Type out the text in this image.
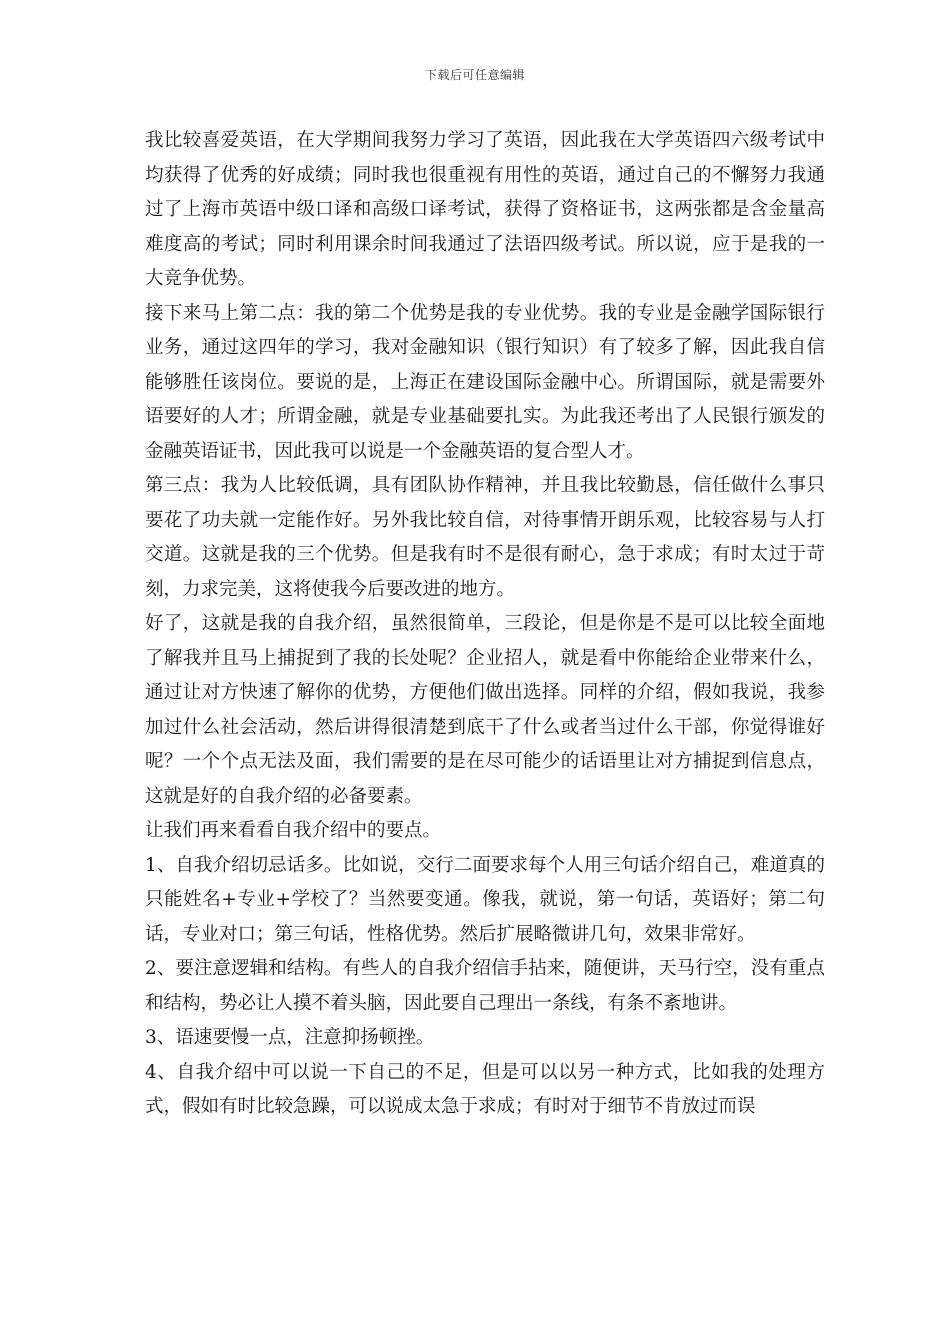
下载后可任意编辑

我比较喜爱英语，在大学期间我努力学习了英语，因此我在大学英语四六级考试中均获得了优秀的好成绩；同时我也很重视有用性的英语，通过自己的不懈努力我通过了上海市英语中级口译和高级口译考试，获得了资格证书，这两张都是含金量高难度高的考试；同时利用课余时间我通过了法语四级考试。所以说，应于是我的一大竞争优势。

接下来马上第二点：我的第二个优势是我的专业优势。我的专业是金融学国际银行业务，通过这四年的学习，我对金融知识（银行知识）有了较多了解，因此我自信能够胜任该岗位。要说的是，上海正在建设国际金融中心。所谓国际，就是需要外语要好的人才；所谓金融，就是专业基础要扎实。为此我还考出了人民银行颁发的金融英语证书，因此我可以说是一个金融英语的复合型人才。

第三点：我为人比较低调，具有团队协作精神，并且我比较勤恳，信任做什么事只要花了功夫就一定能作好。另外我比较自信，对待事情开朗乐观，比较容易与人打交道。这就是我的三个优势。但是我有时不是很有耐心，急于求成；有时太过于苛刻，力求完美，这将使我今后要改进的地方。

好了，这就是我的自我介绍，虽然很简单，三段论，但是你是不是可以比较全面地了解我并且马上捕捉到了我的长处呢？企业招人，就是看中你能给企业带来什么，通过让对方快速了解你的优势，方便他们做出选择。同样的介绍，假如我说，我参加过什么社会活动，然后讲得很清楚到底干了什么或者当过什么干部，你觉得谁好呢？一个个点无法及面，我们需要的是在尽可能少的话语里让对方捕捉到信息点，这就是好的自我介绍的必备要素。

让我们再来看看自我介绍中的要点。

1、自我介绍切忌话多。比如说，交行二面要求每个人用三句话介绍自己，难道真的只能姓名+专业+学校了？当然要变通。像我，就说，第一句话，英语好；第二句话，专业对口；第三句话，性格优势。然后扩展略微讲几句，效果非常好。

2、要注意逻辑和结构。有些人的自我介绍信手拈来，随便讲，天马行空，没有重点和结构，势必让人摸不着头脑，因此要自己理出一条线，有条不紊地讲。

3、语速要慢一点，注意抑扬顿挫。

4、自我介绍中可以说一下自己的不足，但是可以以另一种方式，比如我的处理方式，假如有时比较急躁，可以说成太急于求成；有时对于细节不肯放过而误
